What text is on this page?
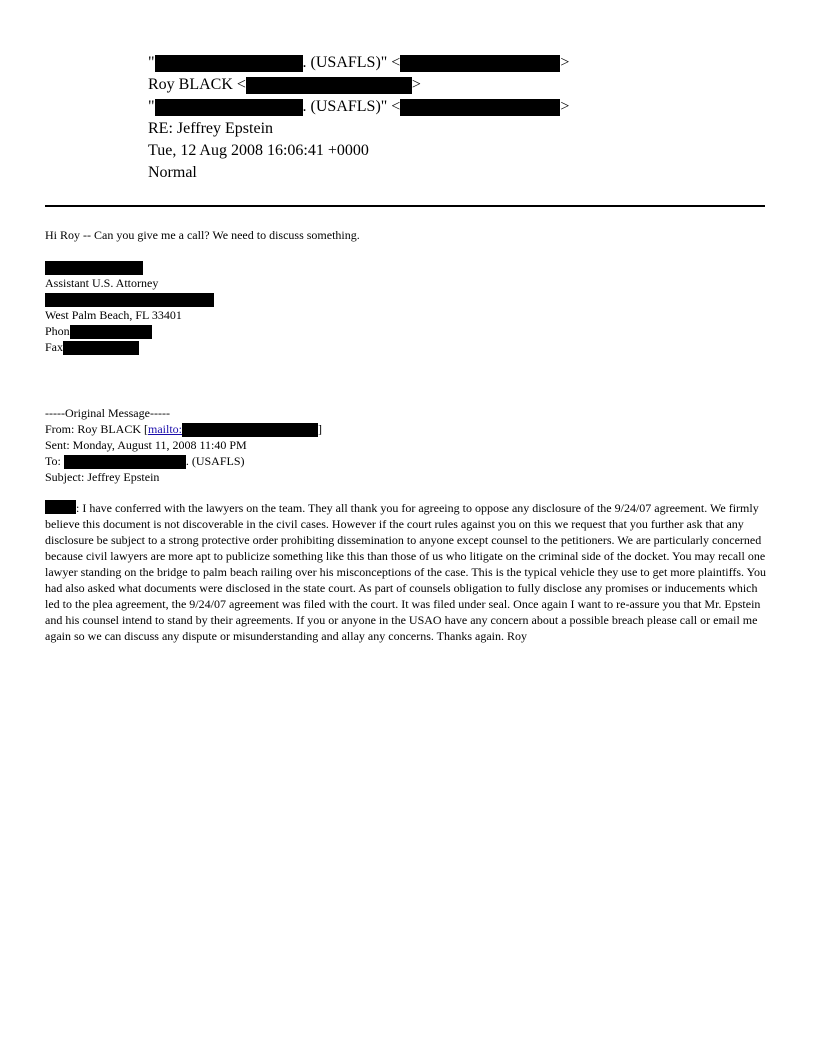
"	. (USAFLS)" <	>
Roy BLACK <	>
"	. (USAFLS)" <	>
RE: Jeffrey Epstein
Tue, 12 Aug 2008 16:06:41 +0000
Normal
Hi Roy -- Can you give me a call? We need to discuss something.
Assistant U.S. Attorney
West Palm Beach, FL 33401
Phon
Fax
-----Original Message-----
From: Roy BLACK [mailto:	]
Sent: Monday, August 11, 2008 11:40 PM
To:	. (USAFLS)
Subject: Jeffrey Epstein
: I have conferred with the lawyers on the team. They all thank you for agreeing to oppose any disclosure of the 9/24/07 agreement. We firmly believe this document is not discoverable in the civil cases. However if the court rules against you on this we request that you further ask that any disclosure be subject to a strong protective order prohibiting dissemination to anyone except counsel to the petitioners. We are particularly concerned because civil lawyers are more apt to publicize something like this than those of us who litigate on the criminal side of the docket. You may recall one lawyer standing on the bridge to palm beach railing over his misconceptions of the case. This is the typical vehicle they use to get more plaintiffs. You had also asked what documents were disclosed in the state court. As part of counsels obligation to fully disclose any promises or inducements which led to the plea agreement, the 9/24/07 agreement was filed with the court. It was filed under seal. Once again I want to re-assure you that Mr. Epstein and his counsel intend to stand by their agreements. If you or anyone in the USAO have any concern about a possible breach please call or email me again so we can discuss any dispute or misunderstanding and allay any concerns. Thanks again. Roy
